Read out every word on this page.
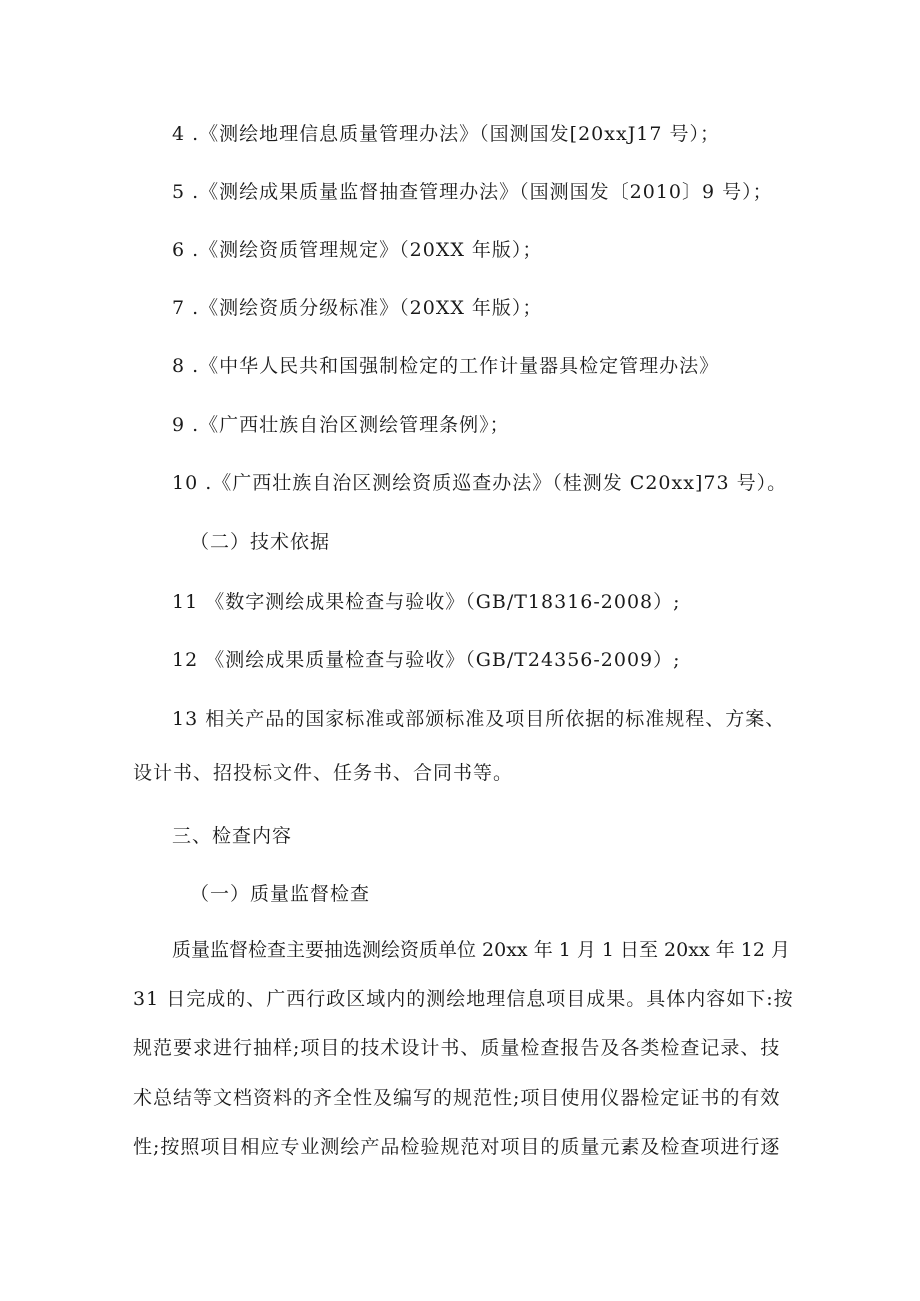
4 .《测绘地理信息质量管理办法》（国测国发[20xxJ17 号）；
5 .《测绘成果质量监督抽查管理办法》（国测国发〔2010〕9 号）；
6 .《测绘资质管理规定》（20XX 年版）；
7 .《测绘资质分级标准》（20XX 年版）；
8 .《中华人民共和国强制检定的工作计量器具检定管理办法》
9 .《广西壮族自治区测绘管理条例》；
10 .《广西壮族自治区测绘资质巡查办法》（桂测发 C20xx]73 号）。
（二）技术依据
11 《数字测绘成果检查与验收》（GB/T18316-2008）;
12 《测绘成果质量检查与验收》（GB/T24356-2009）;
13 相关产品的国家标准或部颁标准及项目所依据的标准规程、方案、
设计书、招投标文件、任务书、合同书等。
三、检查内容
（一）质量监督检查
质量监督检查主要抽选测绘资质单位 20xx 年 1 月 1 日至 20xx 年 12 月
31 日完成的、广西行政区域内的测绘地理信息项目成果。具体内容如下:按
规范要求进行抽样;项目的技术设计书、质量检查报告及各类检查记录、技
术总结等文档资料的齐全性及编写的规范性;项目使用仪器检定证书的有效
性;按照项目相应专业测绘产品检验规范对项目的质量元素及检查项进行逐
